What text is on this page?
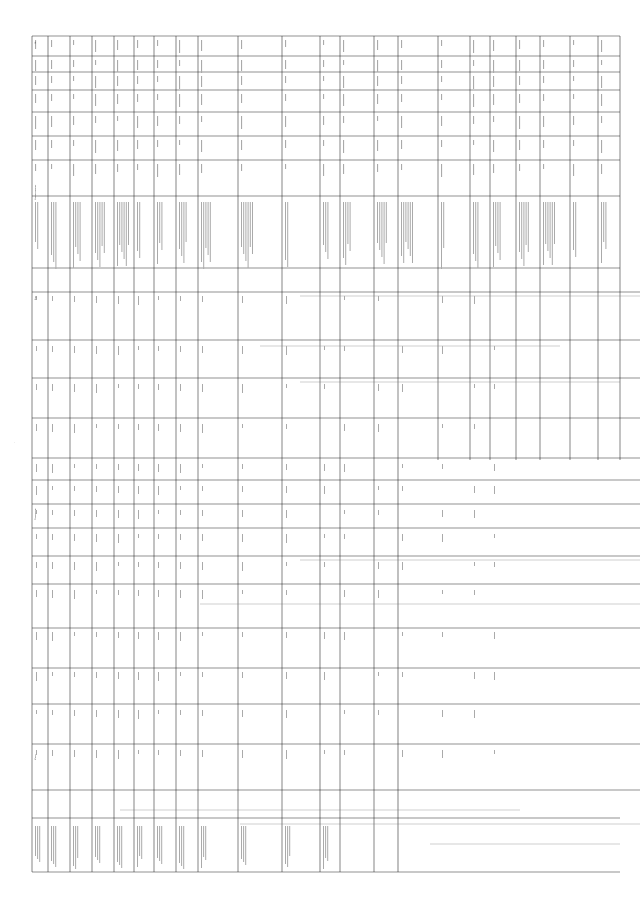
№
Наименование
Код
Показатель
Итого
·
